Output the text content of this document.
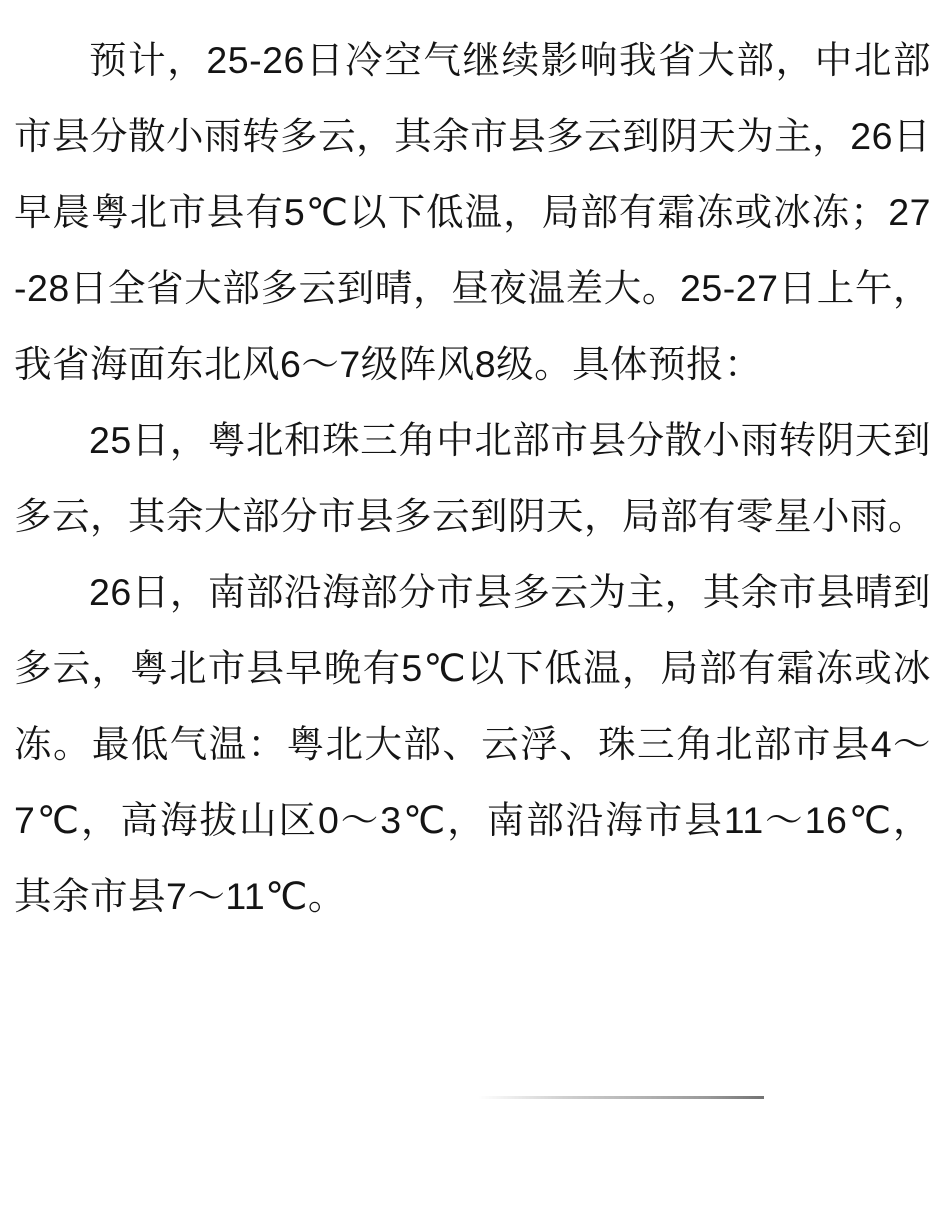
预计，25-26日冷空气继续影响我省大部，中北部市县分散小雨转多云，其余市县多云到阴天为主，26日早晨粤北市县有5℃以下低温，局部有霜冻或冰冻；27-28日全省大部多云到晴，昼夜温差大。25-27日上午，我省海面东北风6～7级阵风8级。具体预报：

25日，粤北和珠三角中北部市县分散小雨转阴天到多云，其余大部分市县多云到阴天，局部有零星小雨。

26日，南部沿海部分市县多云为主，其余市县晴到多云，粤北市县早晚有5℃以下低温，局部有霜冻或冰冻。最低气温：粤北大部、云浮、珠三角北部市县4～7℃，高海拔山区0～3℃，南部沿海市县11～16℃，其余市县7～11℃。
